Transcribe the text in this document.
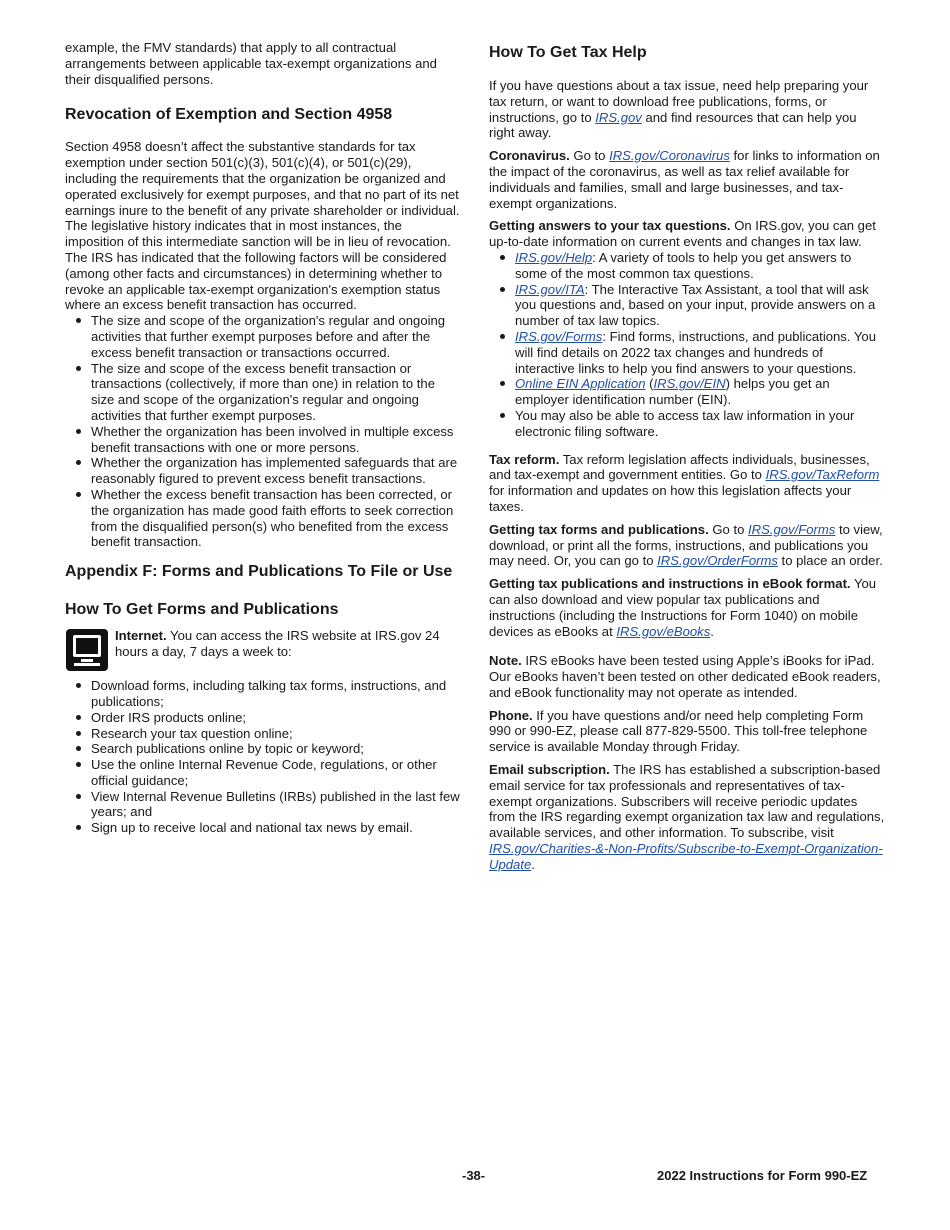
example, the FMV standards) that apply to all contractual arrangements between applicable tax-exempt organizations and their disqualified persons.

Revocation of Exemption and Section 4958

Section 4958 doesn’t affect the substantive standards for tax exemption under section 501(c)(3), 501(c)(4), or 501(c)(29), including the requirements that the organization be organized and operated exclusively for exempt purposes, and that no part of its net earnings inure to the benefit of any private shareholder or individual. The legislative history indicates that in most instances, the imposition of this intermediate sanction will be in lieu of revocation. The IRS has indicated that the following factors will be considered (among other facts and circumstances) in determining whether to revoke an applicable tax-exempt organization's exemption status where an excess benefit transaction has occurred.

The size and scope of the organization's regular and ongoing activities that further exempt purposes before and after the excess benefit transaction or transactions occurred.
The size and scope of the excess benefit transaction or transactions (collectively, if more than one) in relation to the size and scope of the organization's regular and ongoing activities that further exempt purposes.
Whether the organization has been involved in multiple excess benefit transactions with one or more persons.
Whether the organization has implemented safeguards that are reasonably figured to prevent excess benefit transactions.
Whether the excess benefit transaction has been corrected, or the organization has made good faith efforts to seek correction from the disqualified person(s) who benefited from the excess benefit transaction.
Appendix F: Forms and Publications To File or Use
How To Get Forms and Publications
Internet. You can access the IRS website at IRS.gov 24 hours a day, 7 days a week to:
Download forms, including talking tax forms, instructions, and publications;
Order IRS products online;
Research your tax question online;
Search publications online by topic or keyword;
Use the online Internal Revenue Code, regulations, or other official guidance;
View Internal Revenue Bulletins (IRBs) published in the last few years; and
Sign up to receive local and national tax news by email.
How To Get Tax Help

If you have questions about a tax issue, need help preparing your tax return, or want to download free publications, forms, or instructions, go to IRS.gov and find resources that can help you right away.

Coronavirus. Go to IRS.gov/Coronavirus for links to information on the impact of the coronavirus, as well as tax relief available for individuals and families, small and large businesses, and tax-exempt organizations.

Getting answers to your tax questions. On IRS.gov, you can get up-to-date information on current events and changes in tax law.

IRS.gov/Help: A variety of tools to help you get answers to some of the most common tax questions.
IRS.gov/ITA: The Interactive Tax Assistant, a tool that will ask you questions and, based on your input, provide answers on a number of tax law topics.
IRS.gov/Forms: Find forms, instructions, and publications. You will find details on 2022 tax changes and hundreds of interactive links to help you find answers to your questions.
Online EIN Application (IRS.gov/EIN) helps you get an employer identification number (EIN).
You may also be able to access tax law information in your electronic filing software.

Tax reform. Tax reform legislation affects individuals, businesses, and tax-exempt and government entities. Go to IRS.gov/TaxReform for information and updates on how this legislation affects your taxes.

Getting tax forms and publications. Go to IRS.gov/Forms to view, download, or print all the forms, instructions, and publications you may need. Or, you can go to IRS.gov/OrderForms to place an order.

Getting tax publications and instructions in eBook format. You can also download and view popular tax publications and instructions (including the Instructions for Form 1040) on mobile devices as eBooks at IRS.gov/eBooks.

Note. IRS eBooks have been tested using Apple’s iBooks for iPad. Our eBooks haven’t been tested on other dedicated eBook readers, and eBook functionality may not operate as intended.

Phone. If you have questions and/or need help completing Form 990 or 990-EZ, please call 877-829-5500. This toll-free telephone service is available Monday through Friday.

Email subscription. The IRS has established a subscription-based email service for tax professionals and representatives of tax-exempt organizations. Subscribers will receive periodic updates from the IRS regarding exempt organization tax law and regulations, available services, and other information. To subscribe, visit IRS.gov/Charities-&-Non-Profits/Subscribe-to-Exempt-Organization-Update.

-38-	2022 Instructions for Form 990-EZ
